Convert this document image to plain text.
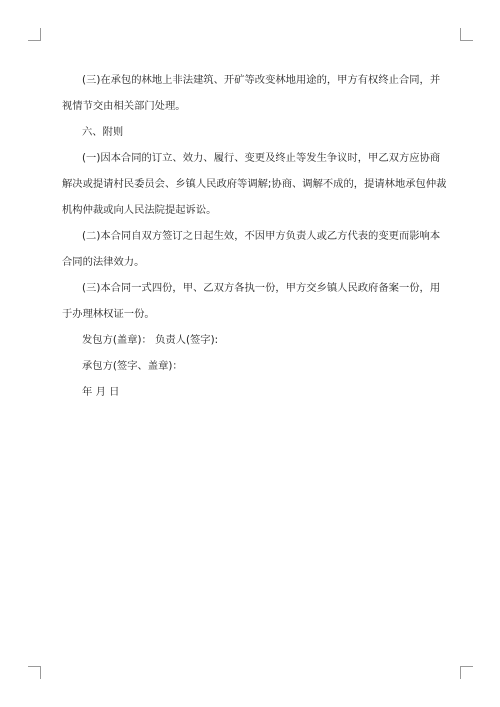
(三)在承包的林地上非法建筑、开矿等改变林地用途的，甲方有权终止合同，并
视情节交由相关部门处理。
六、附则
(一)因本合同的订立、效力、履行、变更及终止等发生争议时，甲乙双方应协商
解决或提请村民委员会、乡镇人民政府等调解;协商、调解不成的，提请林地承包仲裁
机构仲裁或向人民法院提起诉讼。
(二)本合同自双方签订之日起生效，不因甲方负责人或乙方代表的变更而影响本
合同的法律效力。
(三)本合同一式四份，甲、乙双方各执一份，甲方交乡镇人民政府备案一份，用
于办理林权证一份。
发包方(盖章)： 负责人(签字):
承包方(签字、盖章)：
年 月 日
